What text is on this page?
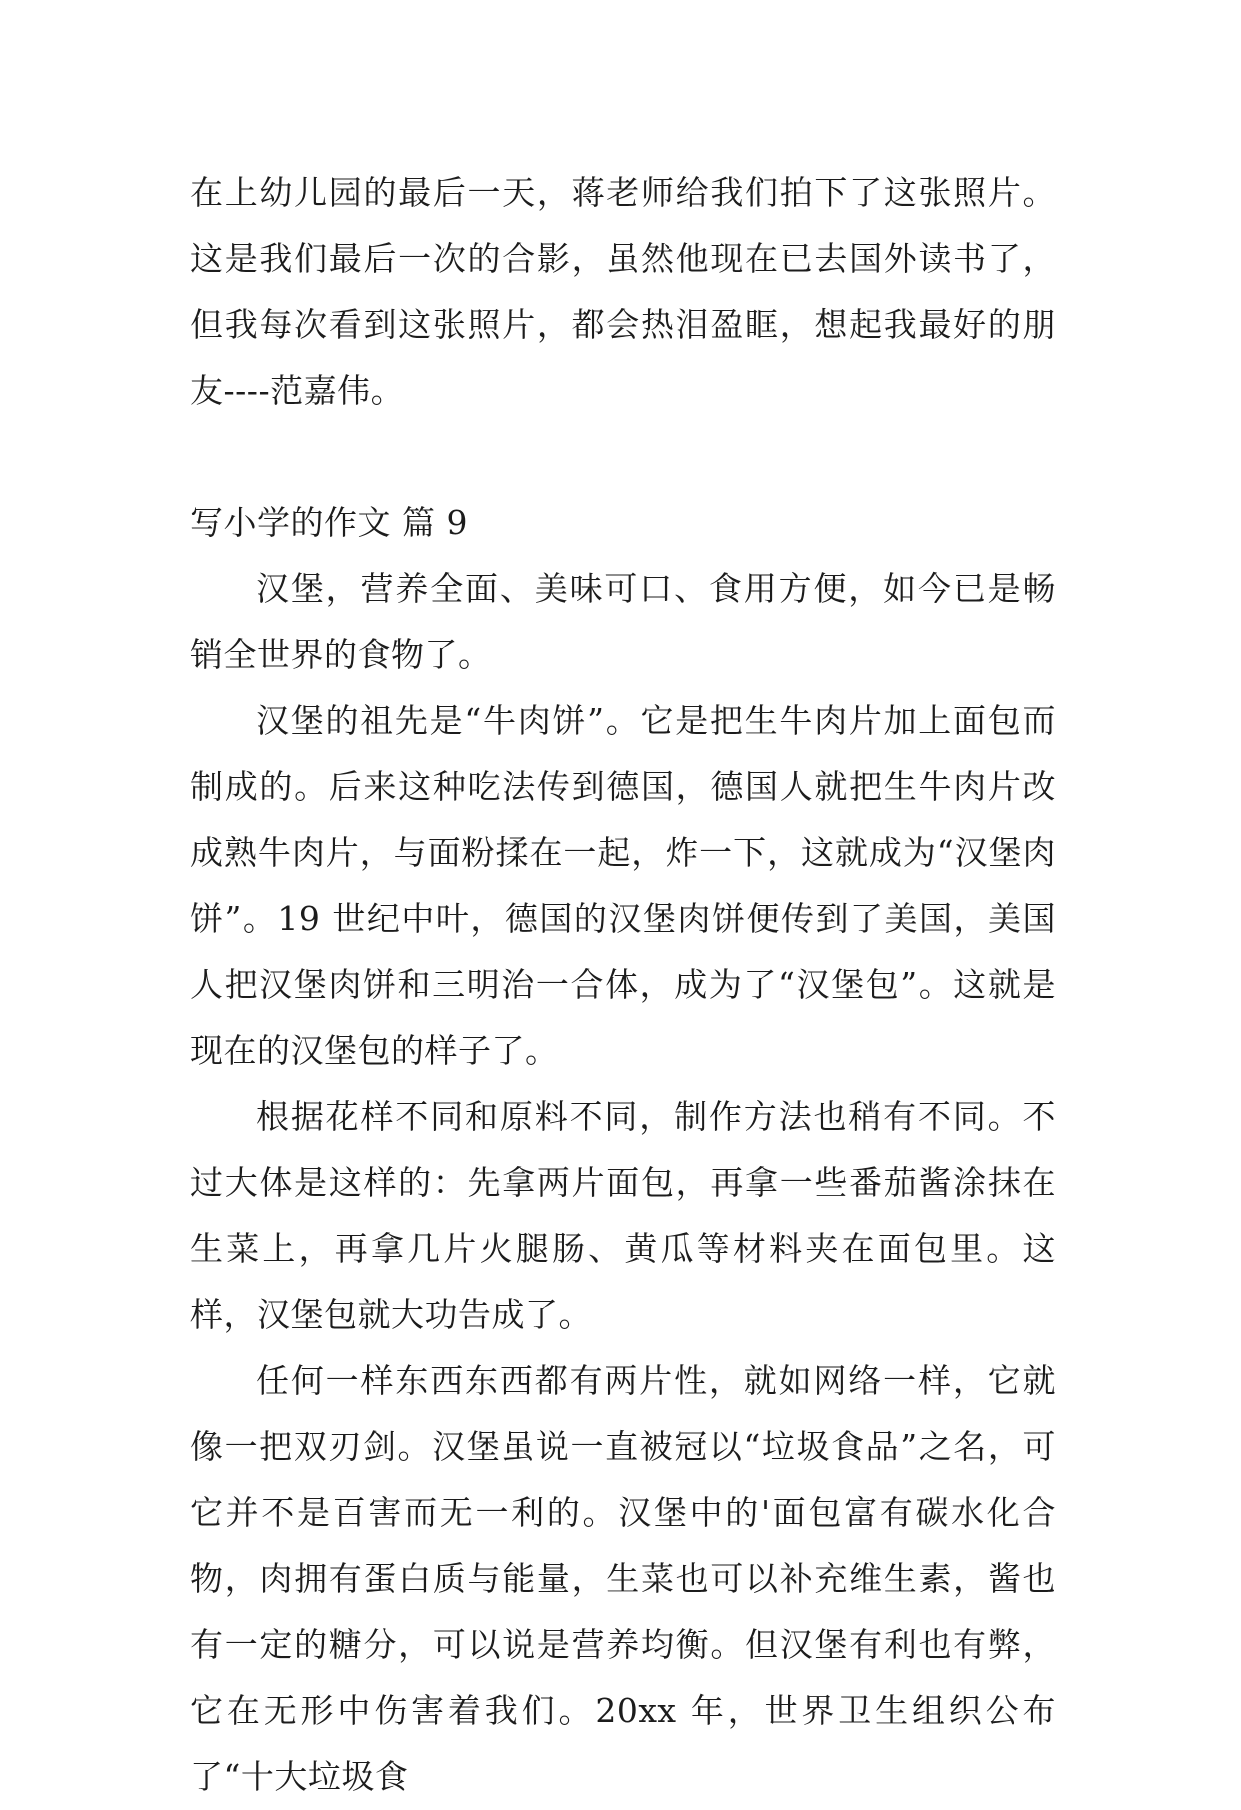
在上幼儿园的最后一天，蒋老师给我们拍下了这张照片。这是我们最后一次的合影，虽然他现在已去国外读书了，但我每次看到这张照片，都会热泪盈眶，想起我最好的朋友----范嘉伟。

写小学的作文 篇 9

汉堡，营养全面、美味可口、食用方便，如今已是畅销全世界的食物了。

汉堡的祖先是“牛肉饼”。它是把生牛肉片加上面包而制成的。后来这种吃法传到德国，德国人就把生牛肉片改成熟牛肉片，与面粉揉在一起，炸一下，这就成为“汉堡肉饼”。19 世纪中叶，德国的汉堡肉饼便传到了美国，美国人把汉堡肉饼和三明治一合体，成为了“汉堡包”。这就是现在的汉堡包的样子了。

根据花样不同和原料不同，制作方法也稍有不同。不过大体是这样的：先拿两片面包，再拿一些番茄酱涂抹在生菜上，再拿几片火腿肠、黄瓜等材料夹在面包里。这样，汉堡包就大功告成了。

任何一样东西东西都有两片性，就如网络一样，它就像一把双刃剑。汉堡虽说一直被冠以“垃圾食品”之名，可它并不是百害而无一利的。汉堡中的'面包富有碳水化合物，肉拥有蛋白质与能量，生菜也可以补充维生素，酱也有一定的糖分，可以说是营养均衡。但汉堡有利也有弊，它在无形中伤害着我们。20xx 年，世界卫生组织公布了“十大垃圾食
